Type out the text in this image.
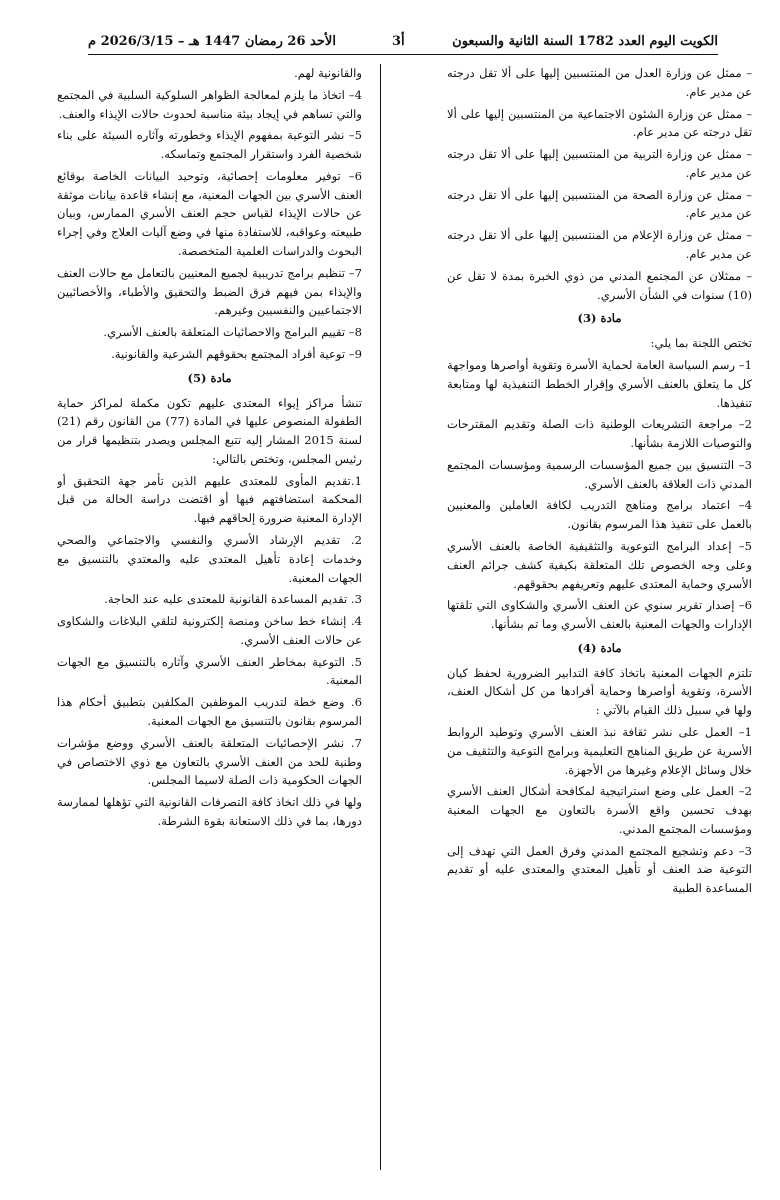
الكويت اليوم العدد 1782 السنة الثانية والسبعون
أ3
الأحد 26 رمضان 1447 هـ – 2026/3/15 م

– ممثل عن وزارة العدل من المنتسبين إليها على ألا تقل درجته عن مدير عام.

– ممثل عن وزارة الشئون الاجتماعية من المنتسبين إليها على ألا تقل درجته عن مدير عام.

– ممثل عن وزارة التربية من المنتسبين إليها على ألا تقل درجته عن مدير عام.

– ممثل عن وزارة الصحة من المنتسبين إليها على ألا تقل درجته عن مدير عام.

– ممثل عن وزارة الإعلام من المنتسبين إليها على ألا تقل درجته عن مدير عام.

– ممثلان عن المجتمع المدني من ذوي الخبرة بمدة لا تقل عن (10) سنوات في الشأن الأسري.

مادة (3)

تختص اللجنة بما يلي:

1– رسم السياسة العامة لحماية الأسرة وتقوية أواصرها ومواجهة كل ما يتعلق بالعنف الأسري وإقرار الخطط التنفيذية لها ومتابعة تنفيذها.

2– مراجعة التشريعات الوطنية ذات الصلة وتقديم المقترحات والتوصيات اللازمة بشأنها.

3– التنسيق بين جميع المؤسسات الرسمية ومؤسسات المجتمع المدني ذات العلاقة بالعنف الأسري.

4– اعتماد برامج ومناهج التدريب لكافة العاملين والمعنيين بالعمل على تنفيذ هذا المرسوم بقانون.

5– إعداد البرامج التوعوية والتثقيفية الخاصة بالعنف الأسري وعلى وجه الخصوص تلك المتعلقة بكيفية كشف جرائم العنف الأسري وحماية المعتدى عليهم وتعريفهم بحقوقهم.

6– إصدار تقرير سنوي عن العنف الأسري والشكاوى التي تلقتها الإدارات والجهات المعنية بالعنف الأسري وما تم بشأنها.

مادة (4)

تلتزم الجهات المعنية باتخاذ كافة التدابير الضرورية لحفظ كيان الأسرة، وتقوية أواصرها وحماية أفرادها من كل أشكال العنف، ولها في سبيل ذلك القيام بالآتي :

1– العمل على نشر ثقافة نبذ العنف الأسري وتوطيد الروابط الأسرية عن طريق المناهج التعليمية وبرامج التوعية والتثقيف من خلال وسائل الإعلام وغيرها من الأجهزة.

2– العمل على وضع استراتيجية لمكافحة أشكال العنف الأسري بهدف تحسين واقع الأسرة بالتعاون مع الجهات المعنية ومؤسسات المجتمع المدني.

3– دعم وتشجيع المجتمع المدني وفرق العمل التي تهدف إلى التوعية ضد العنف أو تأهيل المعتدي والمعتدى عليه أو تقديم المساعدة الطبية

والقانونية لهم.

4– اتخاذ ما يلزم لمعالجة الظواهر السلوكية السلبية في المجتمع والتي تساهم في إيجاد بيئة مناسبة لحدوث حالات الإيذاء والعنف.

5– نشر التوعية بمفهوم الإيذاء وخطورته وآثاره السيئة على بناء شخصية الفرد واستقرار المجتمع وتماسكه.

6– توفير معلومات إحصائية، وتوحيد البيانات الخاصة بوقائع العنف الأسري بين الجهات المعنية، مع إنشاء قاعدة بيانات موثقة عن حالات الإيذاء لقياس حجم العنف الأسري الممارس، وبيان طبيعته وعواقبه، للاستفادة منها في وضع آليات العلاج وفي إجراء البحوث والدراسات العلمية المتخصصة.

7– تنظيم برامج تدريبية لجميع المعنيين بالتعامل مع حالات العنف والإيذاء بمن فيهم فرق الضبط والتحقيق والأطباء، والأخصائيين الاجتماعيين والنفسيين وغيرهم.

8– تقييم البرامج والاحصائيات المتعلقة بالعنف الأسري.

9– توعية أفراد المجتمع بحقوقهم الشرعية والقانونية.

مادة (5)

تنشأ مراكز إيواء المعتدى عليهم تكون مكملة لمراكز حماية الطفولة المنصوص عليها في المادة (77) من القانون رقم (21) لسنة 2015 المشار إليه تتبع المجلس ويصدر بتنظيمها قرار من رئيس المجلس، وتختص بالتالي:

1.تقديم المأوى للمعتدى عليهم الذين تأمر جهة التحقيق أو المحكمة استضافتهم فيها أو اقتضت دراسة الحالة من قبل الإدارة المعنية ضرورة إلحاقهم فيها.

2. تقديم الإرشاد الأسري والنفسي والاجتماعي والصحي وخدمات إعادة تأهيل المعتدى عليه والمعتدي بالتنسيق مع الجهات المعنية.

3. تقديم المساعدة القانونية للمعتدى عليه عند الحاجة.

4. إنشاء خط ساخن ومنصة إلكترونية لتلقي البلاغات والشكاوى عن حالات العنف الأسري.

5. التوعية بمخاطر العنف الأسري وآثاره بالتنسيق مع الجهات المعنية.

6. وضع خطة لتدريب الموظفين المكلفين بتطبيق أحكام هذا المرسوم بقانون بالتنسيق مع الجهات المعنية.

7. نشر الإحصائيات المتعلقة بالعنف الأسري ووضع مؤشرات وطنية للحد من العنف الأسري بالتعاون مع ذوي الاختصاص في الجهات الحكومية ذات الصلة لاسيما المجلس.

ولها في ذلك اتخاذ كافة التصرفات القانونية التي تؤهلها لممارسة دورها، بما في ذلك الاستعانة بقوة الشرطة.
